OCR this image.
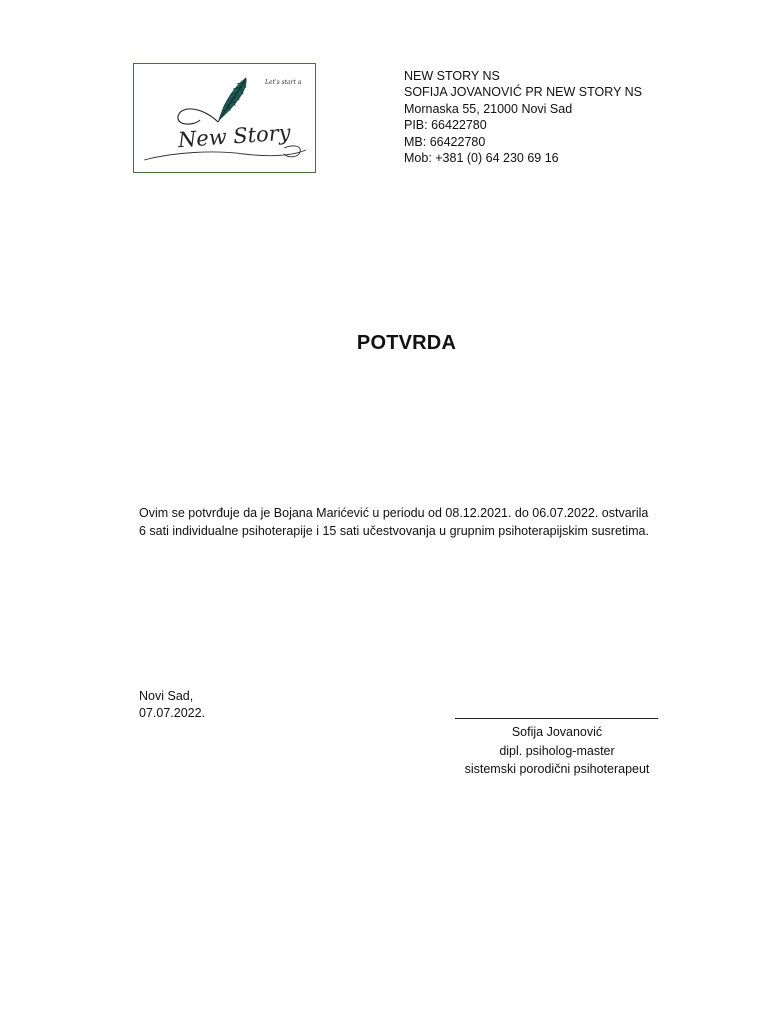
Let's start a
New Story
NEW STORY NS
SOFIJA JOVANOVIĆ PR NEW STORY NS
Mornaska 55, 21000 Novi Sad
PIB: 66422780
MB: 66422780
Mob: +381 (0) 64 230 69 16
POTVRDA
Ovim se potvrđuje da je Bojana Marićević u periodu od 08.12.2021. do 06.07.2022. ostvarila
6 sati individualne psihoterapije i 15 sati učestvovanja u grupnim psihoterapijskim susretima.
Novi Sad,
07.07.2022.
Sofija Jovanović
dipl. psiholog-master
sistemski porodični psihoterapeut
